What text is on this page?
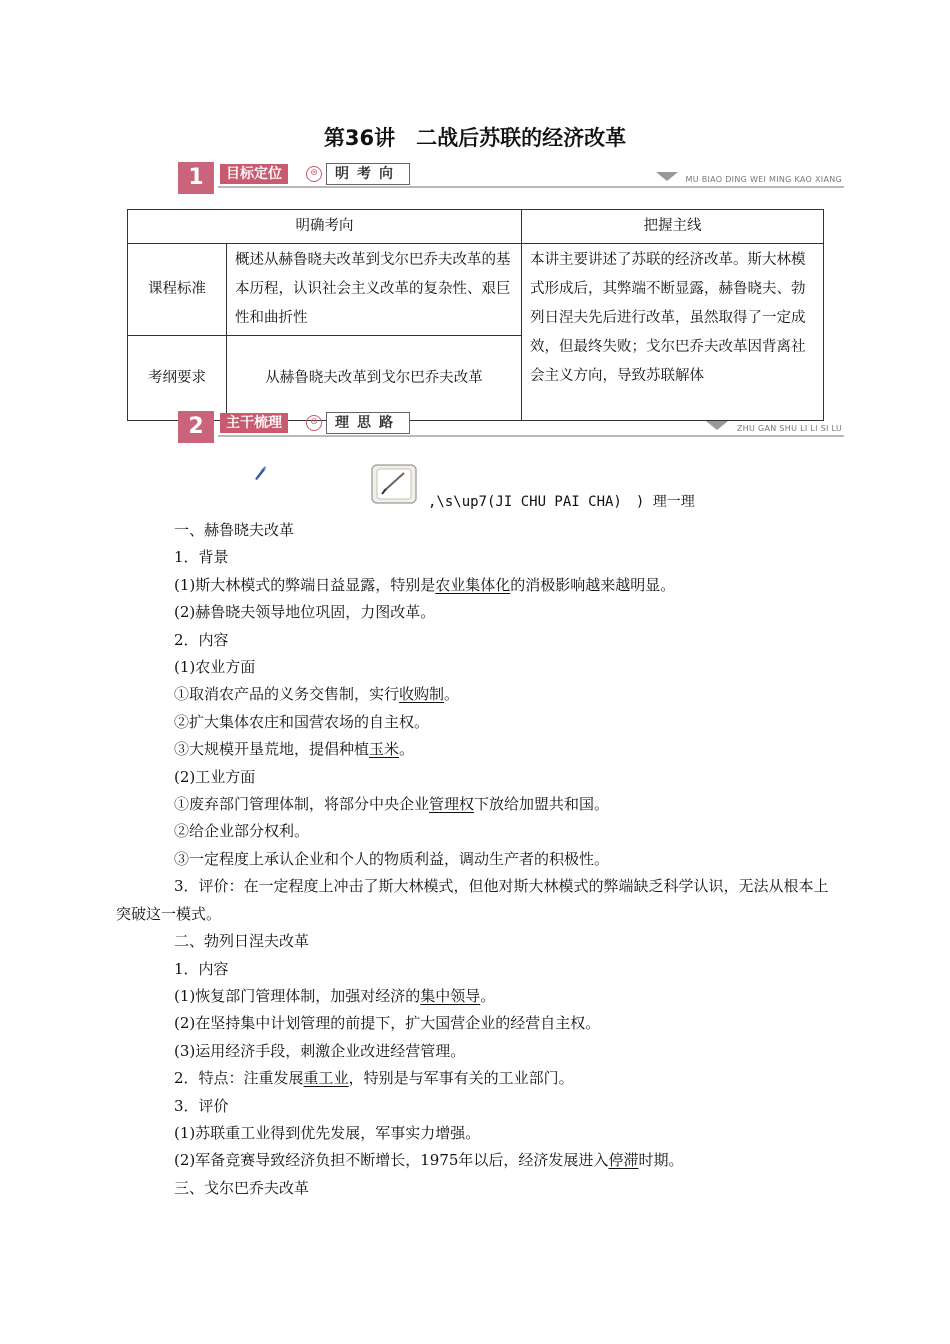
第36讲　二战后苏联的经济改革
1	目标定位	⊜	明考向	MU BIAO DING WEI MING KAO XIANG
明确考向		把握主线
课程标准	概述从赫鲁晓夫改革到戈尔巴乔夫改革的基本历程，认识社会主义改革的复杂性、艰巨性和曲折性	本讲主要讲述了苏联的经济改革。斯大林模式形成后，其弊端不断显露，赫鲁晓夫、勃列日涅夫先后进行改革，虽然取得了一定成效，但最终失败；戈尔巴乔夫改革因背离社会主义方向，导致苏联解体
考纲要求	从赫鲁晓夫改革到戈尔巴乔夫改革	
2	主干梳理	⊜	理思路	ZHU GAN SHU LI LI SI LU
,\s\up7(JI CHU PAI CHA)　) 理一理

一、赫鲁晓夫改革

1．背景

(1)斯大林模式的弊端日益显露，特别是农业集体化的消极影响越来越明显。

(2)赫鲁晓夫领导地位巩固，力图改革。

2．内容

(1)农业方面

①取消农产品的义务交售制，实行收购制。

②扩大集体农庄和国营农场的自主权。

③大规模开垦荒地，提倡种植玉米。

(2)工业方面

①废弃部门管理体制，将部分中央企业管理权下放给加盟共和国。

②给企业部分权利。

③一定程度上承认企业和个人的物质利益，调动生产者的积极性。

3．评价：在一定程度上冲击了斯大林模式，但他对斯大林模式的弊端缺乏科学认识，无法从根本上突破这一模式。

二、勃列日涅夫改革

1．内容

(1)恢复部门管理体制，加强对经济的集中领导。

(2)在坚持集中计划管理的前提下，扩大国营企业的经营自主权。

(3)运用经济手段，刺激企业改进经营管理。

2．特点：注重发展重工业，特别是与军事有关的工业部门。

3．评价

(1)苏联重工业得到优先发展，军事实力增强。

(2)军备竞赛导致经济负担不断增长，1975年以后，经济发展进入停滞时期。

三、戈尔巴乔夫改革
